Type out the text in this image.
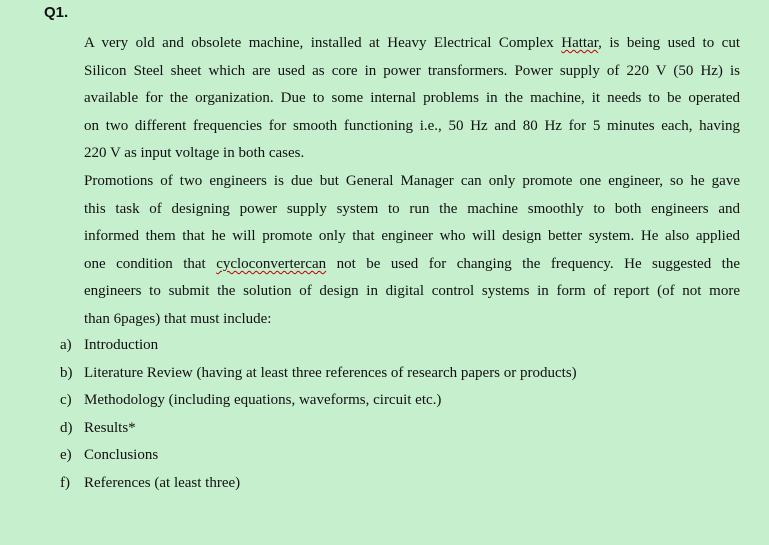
Q1.
A very old and obsolete machine, installed at Heavy Electrical Complex Hattar, is being used to cut
Silicon Steel sheet which are used as core in power transformers. Power supply of 220 V (50 Hz) is
available for the organization. Due to some internal problems in the machine, it needs to be operated
on two different frequencies for smooth functioning i.e., 50 Hz and 80 Hz for 5 minutes each, having
220 V as input voltage in both cases.
Promotions of two engineers is due but General Manager can only promote one engineer, so he gave
this task of designing power supply system to run the machine smoothly to both engineers and
informed them that he will promote only that engineer who will design better system. He also applied
one condition that cycloconvertercan not be used for changing the frequency. He suggested the
engineers to submit the solution of design in digital control systems in form of report (of not more
than 6pages) that must include:
a) Introduction
b) Literature Review (having at least three references of research papers or products)
c) Methodology (including equations, waveforms, circuit etc.)
d) Results*
e) Conclusions
f) References (at least three)
